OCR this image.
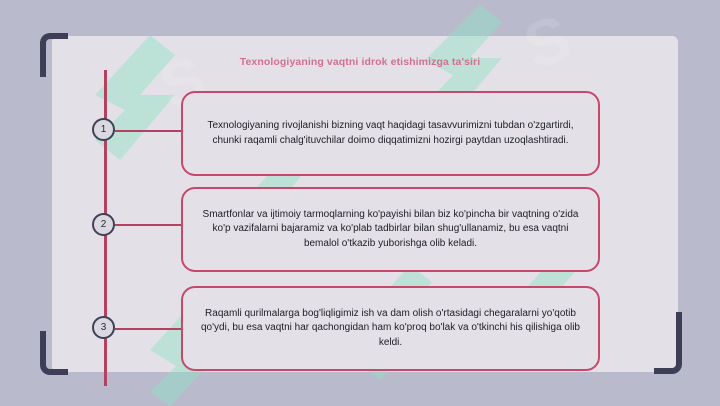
Texnologiyaning vaqtni idrok etishimizga ta'siri
1
2
3
Texnologiyaning rivojlanishi bizning vaqt haqidagi tasavvurimizni tubdan o'zgartirdi, chunki raqamli chalg'ituvchilar doimo diqqatimizni hozirgi paytdan uzoqlashtiradi.
Smartfonlar va ijtimoiy tarmoqlarning ko'payishi bilan biz ko'pincha bir vaqtning o'zida ko'p vazifalarni bajaramiz va ko'plab tadbirlar bilan shug'ullanamiz, bu esa vaqtni bemalol o'tkazib yuborishga olib keladi.
Raqamli qurilmalarga bog'liqligimiz ish va dam olish o'rtasidagi chegaralarni yo'qotib qo'ydi, bu esa vaqtni har qachongidan ham ko'proq bo'lak va o'tkinchi his qilishiga olib keldi.
